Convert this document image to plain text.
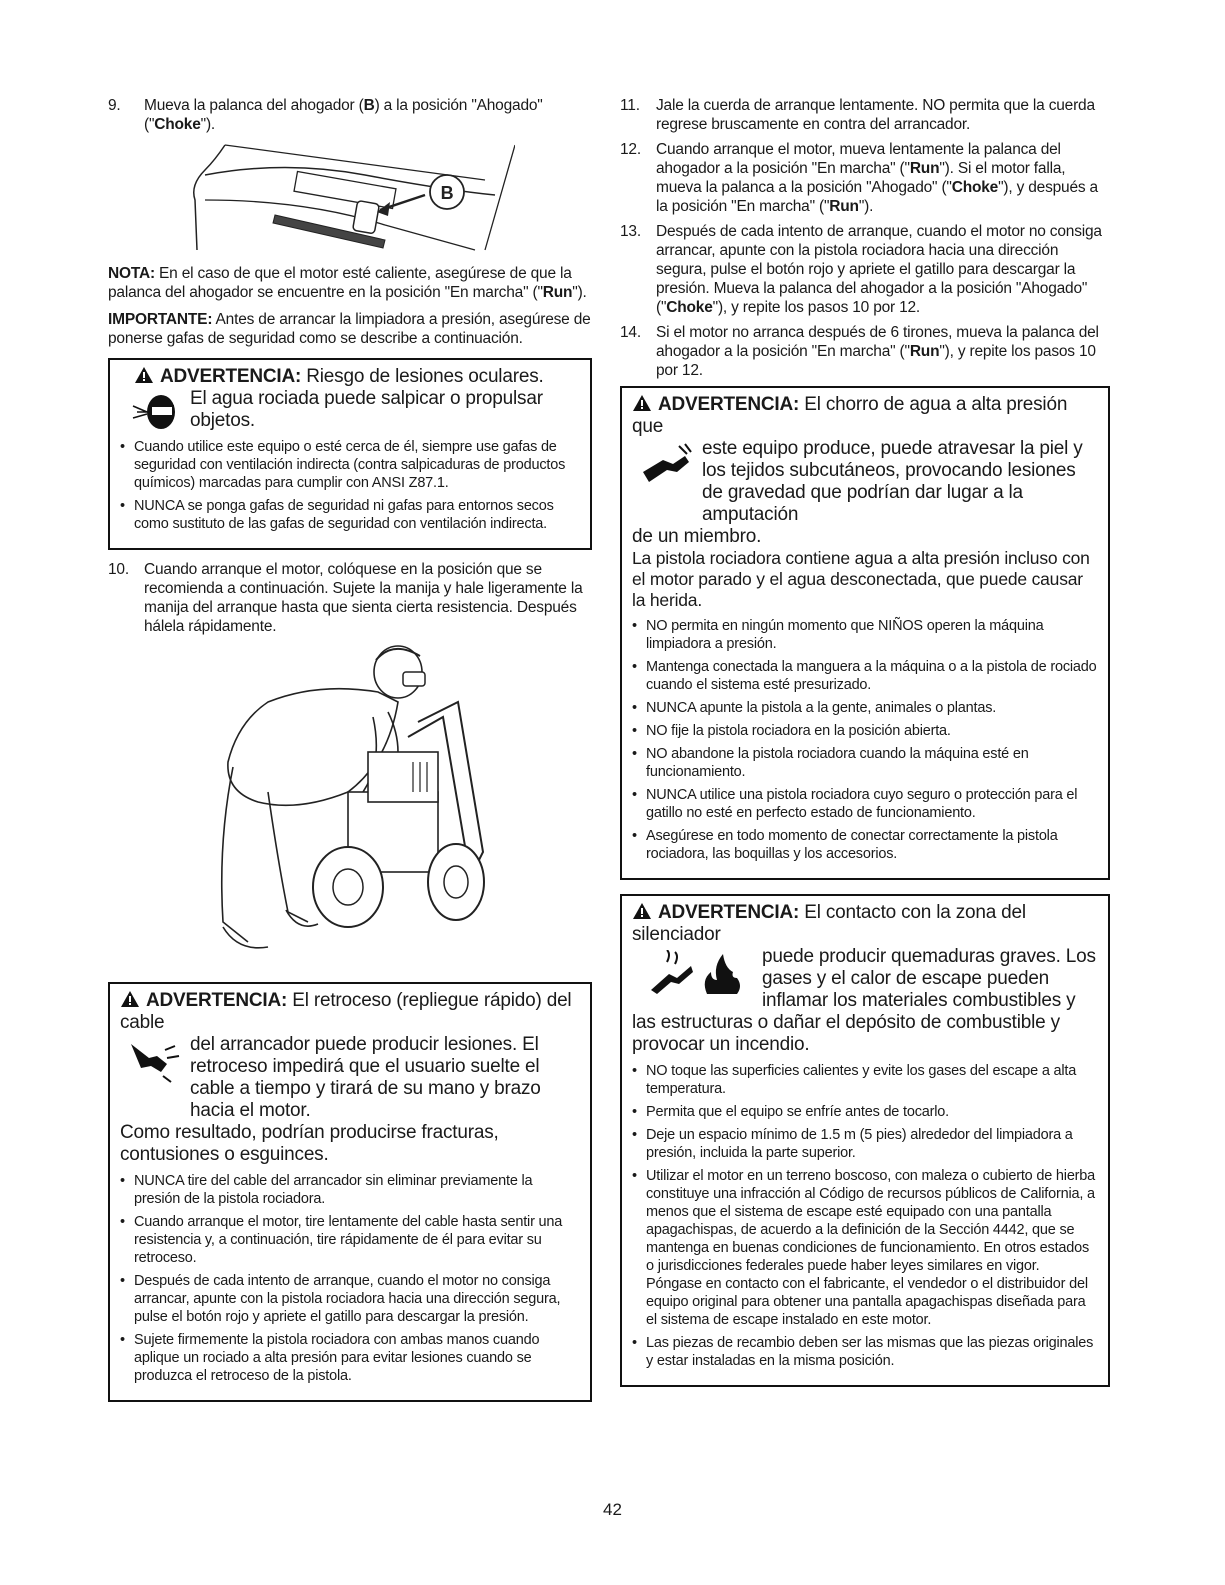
9.	Mueva la palanca del ahogador (B) a la posición "Ahogado" ("Choke").
B
NOTA: En el caso de que el motor esté caliente, asegúrese de que la palanca del ahogador se encuentre en la posición "En marcha" ("Run").
IMPORTANTE: Antes de arrancar la limpiadora a presión, asegúrese de ponerse gafas de seguridad como se describe a continuación.
ADVERTENCIA: Riesgo de lesiones oculares.
El agua rociada puede salpicar o propulsar objetos.
• Cuando utilice este equipo o esté cerca de él, siempre use gafas de seguridad con ventilación indirecta (contra salpicaduras de productos químicos) marcadas para cumplir con ANSI Z87.1.
• NUNCA se ponga gafas de seguridad ni gafas para entornos secos como sustituto de las gafas de seguridad con ventilación indirecta.
10. Cuando arranque el motor, colóquese en la posición que se recomienda a continuación. Sujete la manija y hale ligeramente la manija del arranque hasta que sienta cierta resistencia. Después hálela rápidamente.
ADVERTENCIA: El retroceso (repliegue rápido) del cable
del arrancador puede producir lesiones. El retroceso impedirá que el usuario suelte el cable a tiempo y tirará de su mano y brazo hacia el motor.
Como resultado, podrían producirse fracturas, contusiones o esguinces.
• NUNCA tire del cable del arrancador sin eliminar previamente la presión de la pistola rociadora.
• Cuando arranque el motor, tire lentamente del cable hasta sentir una resistencia y, a continuación, tire rápidamente de él para evitar su retroceso.
• Después de cada intento de arranque, cuando el motor no consiga arrancar, apunte con la pistola rociadora hacia una dirección segura, pulse el botón rojo y apriete el gatillo para descargar la presión.
• Sujete firmemente la pistola rociadora con ambas manos cuando aplique un rociado a alta presión para evitar lesiones cuando se produzca el retroceso de la pistola.
11.	Jale la cuerda de arranque lentamente. NO permita que la cuerda regrese bruscamente en contra del arrancador.
12. Cuando arranque el motor, mueva lentamente la palanca del ahogador a la posición "En marcha" ("Run"). Si el motor falla, mueva la palanca a la posición "Ahogado" ("Choke"), y después a la posición "En marcha" ("Run").
13. Después de cada intento de arranque, cuando el motor no consiga arrancar, apunte con la pistola rociadora hacia una dirección segura, pulse el botón rojo y apriete el gatillo para descargar la presión. Mueva la palanca del ahogador a la posición "Ahogado" ("Choke"), y repite los pasos 10 por 12.
14. Si el motor no arranca después de 6 tirones, mueva la palanca del ahogador a la posición "En marcha" ("Run"), y repite los pasos 10 por 12.
ADVERTENCIA: El chorro de agua a alta presión que
este equipo produce, puede atravesar la piel y los tejidos subcutáneos, provocando lesiones de gravedad que podrían dar lugar a la amputación
de un miembro.
La pistola rociadora contiene agua a alta presión incluso con el motor parado y el agua desconectada, que puede causar la herida.
• NO permita en ningún momento que NIÑOS operen la máquina limpiadora a presión.
• Mantenga conectada la manguera a la máquina o a la pistola de rociado cuando el sistema esté presurizado.
• NUNCA apunte la pistola a la gente, animales o plantas.
• NO fije la pistola rociadora en la posición abierta.
• NO abandone la pistola rociadora cuando la máquina esté en funcionamiento.
• NUNCA utilice una pistola rociadora cuyo seguro o protección para el gatillo no esté en perfecto estado de funcionamiento.
• Asegúrese en todo momento de conectar correctamente la pistola rociadora, las boquillas y los accesorios.
ADVERTENCIA: El contacto con la zona del silenciador
puede producir quemaduras graves. Los gases y el calor de escape pueden inflamar los materiales combustibles y
las estructuras o dañar el depósito de combustible y provocar un incendio.
• NO toque las superficies calientes y evite los gases del escape a alta temperatura.
• Permita que el equipo se enfríe antes de tocarlo.
• Deje un espacio mínimo de 1.5 m (5 pies) alrededor del limpiadora a presión, incluida la parte superior.
• Utilizar el motor en un terreno boscoso, con maleza o cubierto de hierba constituye una infracción al Código de recursos públicos de California, a menos que el sistema de escape esté equipado con una pantalla apagachispas, de acuerdo a la definición de la Sección 4442, que se mantenga en buenas condiciones de funcionamiento. En otros estados o jurisdicciones federales puede haber leyes similares en vigor. Póngase en contacto con el fabricante, el vendedor o el distribuidor del equipo original para obtener una pantalla apagachispas diseñada para el sistema de escape instalado en este motor.
• Las piezas de recambio deben ser las mismas que las piezas originales y estar instaladas en la misma posición.
42
